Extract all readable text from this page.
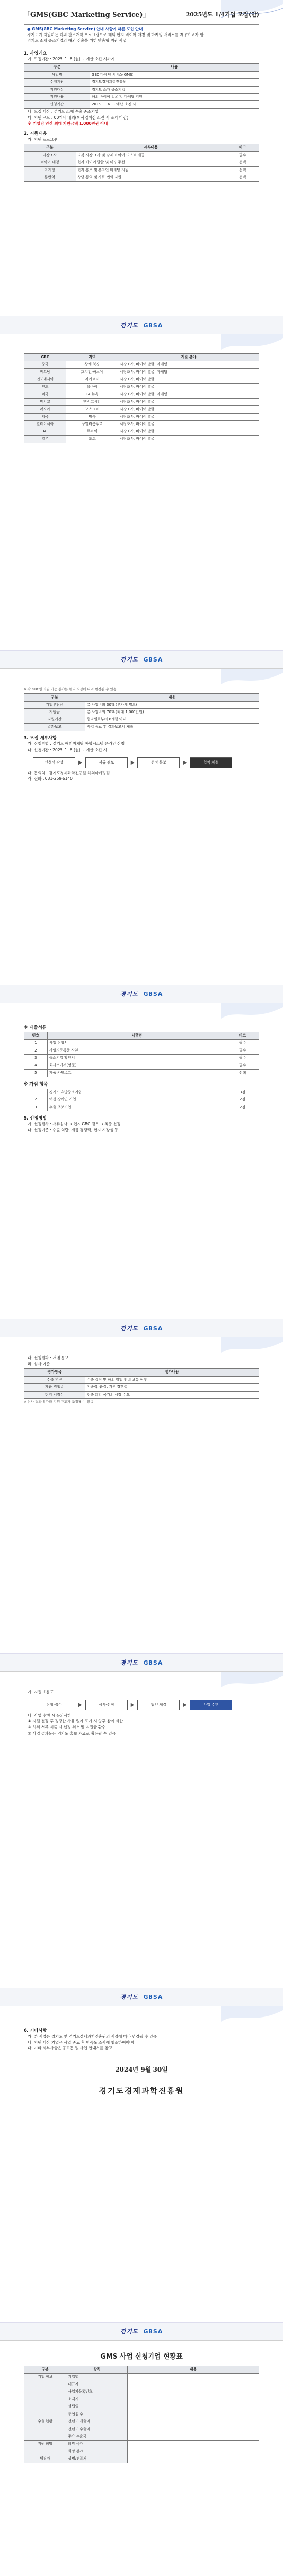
「GMS(GBC Marketing Service)」	2025년도 1/4기업 모집(안)
● GMS(GBC Marketing Service) 안내 사항에 따른 도입 안내
경기도가 지원하는 해외 판로개척 프로그램으로 해외 현지 바이어 매칭 및 마케팅 서비스를 제공하고자 함
경기도 소재 중소기업의 해외 진출을 위한 맞춤형 지원 사업
1. 사업개요
가. 모집기간 : 2025. 1. 6.(월) ~ 예산 소진 시까지
구분	내용
사업명	GBC 마케팅 서비스(GMS)
수행기관	경기도경제과학진흥원
지원대상	경기도 소재 중소기업
지원내용	해외 바이어 발굴 및 마케팅 지원
신청기간	2025. 1. 6. ~ 예산 소진 시
나. 모집 대상 : 경기도 소재 수출 중소기업
다. 지원 규모 : 00개사 내외(※ 사업예산 소진 시 조기 마감)
※ 기업당 연간 최대 지원금액 1,000만원 이내
2. 지원내용
가. 지원 프로그램
구분	세부내용	비고
시장조사	타깃 시장 조사 및 잠재 바이어 리스트 제공	필수
바이어 매칭	현지 바이어 발굴 및 미팅 주선	선택
마케팅	현지 홍보 및 온라인 마케팅 지원	선택
통번역	상담 통역 및 자료 번역 지원	선택
경기도 GBSA
GBC	지역	지원 분야
중국	상해·북경	시장조사, 바이어 발굴, 마케팅
베트남	호치민·하노이	시장조사, 바이어 발굴, 마케팅
인도네시아	자카르타	시장조사, 바이어 발굴
인도	뭄바이	시장조사, 바이어 발굴
미국	LA·뉴욕	시장조사, 바이어 발굴, 마케팅
멕시코	멕시코시티	시장조사, 바이어 발굴
러시아	모스크바	시장조사, 바이어 발굴
태국	방콕	시장조사, 바이어 발굴
말레이시아	쿠알라룸푸르	시장조사, 바이어 발굴
UAE	두바이	시장조사, 바이어 발굴
일본	도쿄	시장조사, 바이어 발굴
경기도 GBSA
※ 각 GBC별 지원 가능 분야는 현지 사정에 따라 변경될 수 있음
구분	내용
기업부담금	총 사업비의 30% (부가세 별도)
지원금	총 사업비의 70% (최대 1,000만원)
지원기간	협약일로부터 6개월 이내
결과보고	사업 종료 후 결과보고서 제출
3. 모집 세부사항
가. 신청방법 : 경기도 해외마케팅 통합시스템 온라인 신청
나. 신청기간 : 2025. 1. 6.(월) ~ 예산 소진 시
신청서 작성	▶	서류 검토	▶	선정 통보	▶	협약 체결
다. 문의처 : 경기도경제과학진흥원 해외마케팅팀
라. 전화 : 031-259-6140
경기도 GBSA
※ 제출서류
번호	서류명	비고
1	사업 신청서	필수
2	사업자등록증 사본	필수
3	중소기업 확인서	필수
4	회사소개서(영문)	필수
5	제품 카탈로그	선택
※ 가점 항목
1	경기도 유망중소기업	3점
2	여성·장애인 기업	2점
3	수출 초보기업	2점
5. 선정방법
가. 선정절차 : 서류심사 → 현지 GBC 검토 → 최종 선정
나. 선정기준 : 수출 역량, 제품 경쟁력, 현지 시장성 등
경기도 GBSA
다. 선정결과 : 개별 통보
라. 심사 기준
평가항목	평가내용
수출 역량	수출 실적 및 해외 영업 인력 보유 여부
제품 경쟁력	기술력, 품질, 가격 경쟁력
현지 시장성	진출 희망 국가의 시장 수요
※ 심사 결과에 따라 지원 규모가 조정될 수 있음
경기도 GBSA
가. 지원 흐름도
신청·접수	▶	심사·선정	▶	협약 체결	▶	사업 수행
나. 사업 수행 시 유의사항
① 지원 결정 후 정당한 사유 없이 포기 시 향후 참여 제한
② 허위 서류 제출 시 선정 취소 및 지원금 환수
③ 사업 결과물은 경기도 홍보 자료로 활용될 수 있음
경기도 GBSA
6. 기타사항
가. 본 사업은 경기도 및 경기도경제과학진흥원의 사정에 따라 변경될 수 있음
나. 지원 대상 기업은 사업 종료 후 만족도 조사에 협조하여야 함
다. 기타 세부사항은 공고문 및 사업 안내서를 참고
2024년 9월 30일
경기도경제과학진흥원
경기도 GBSA
GMS 사업 신청기업 현황표
구분	항목	내용
기업 정보	기업명	
	대표자	
	사업자등록번호	
	소재지	
	설립일	
	종업원 수	
수출 현황	전년도 매출액	
	전년도 수출액	
	주요 수출국	
지원 희망	희망 국가	
	희망 분야	
담당자	성명/연락처	
